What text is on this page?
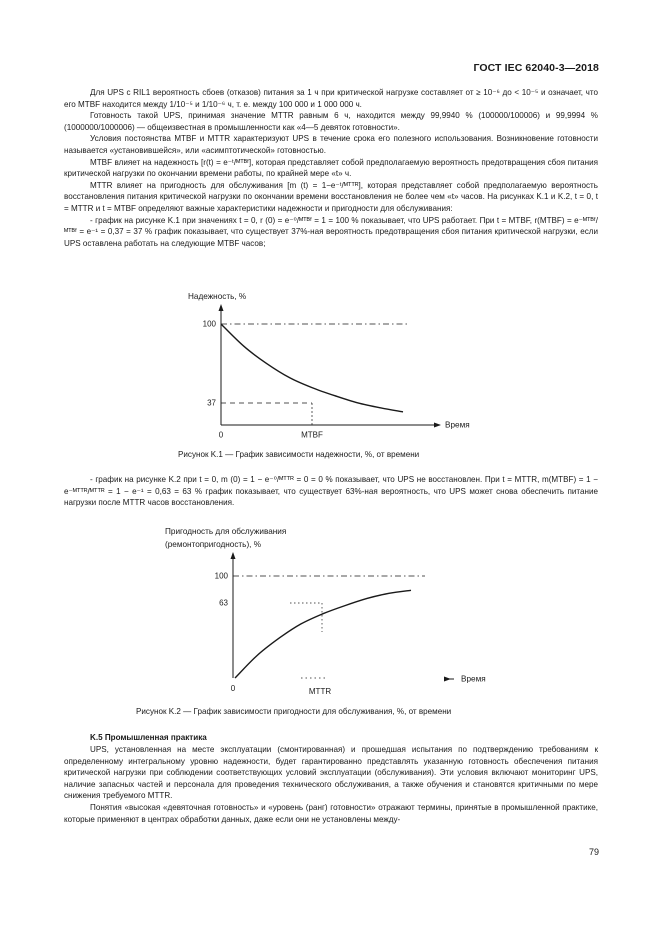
ГОСТ IEC 62040-3—2018

Для UPS с RIL1 вероятность сбоев (отказов) питания за 1 ч при критической нагрузке составляет от ≥ 10⁻⁶ до < 10⁻⁵ и означает, что его MTBF находится между 1/10⁻⁵ и 1/10⁻⁶ ч, т. е. между 100 000 и 1 000 000 ч.

Готовность такой UPS, принимая значение MTTR равным 6 ч, находится между 99,9940 % (100000/100006) и 99,9994 % (1000000/1000006) — общеизвестная в промышленности как «4—5 девяток готовности».

Условия постоянства MTBF и MTTR характеризуют UPS в течение срока его полезного использования. Возникновение готовности называется «установившейся», или «асимптотической» готовностью.

MTBF влияет на надежность [r(t) = e⁻ᵗ/ᴹᵀᴮᶠ], которая представляет собой предполагаемую вероятность предотвращения сбоя питания критической нагрузки по окончании времени работы, по крайней мере «t» ч.

MTTR влияет на пригодность для обслуживания [m (t) = 1−e⁻ᵗ/ᴹᵀᵀᴿ], которая представляет собой предполагаемую вероятность восстановления питания критической нагрузки по окончании времени восстановления не более чем «t» часов. На рисунках K.1 и K.2, t = 0, t = MTTR и t = MTBF определяют важные характеристики надежности и пригодности для обслуживания:

- график на рисунке K.1 при значениях t = 0, r (0) = e⁻⁰/ᴹᵀᴮᶠ = 1 = 100 % показывает, что UPS работает. При t = MTBF, r(MTBF) = e⁻ᴹᵀᴮᶠ/ᴹᵀᴮᶠ = e⁻¹ = 0,37 = 37 % график показывает, что существует 37%-ная вероятность предотвращения сбоя питания критической нагрузки, если UPS оставлена работать на следующие MTBF часов;

Надежность, %
Время
100
37
0	MTBF
Рисунок K.1 — График зависимости надежности, %, от времени

- график на рисунке K.2 при t = 0, m (0) = 1 − e⁻⁰/ᴹᵀᵀᴿ = 0 = 0 % показывает, что UPS не восстановлен. При t = MTTR, m(MTBF) = 1 − e⁻ᴹᵀᵀᴿ/ᴹᵀᵀᴿ = 1 − e⁻¹ = 0,63 = 63 % график показывает, что существует 63%-ная вероятность, что UPS может снова обеспечить питание нагрузки после MTTR часов восстановления.

Пригодность для обслуживания
(ремонтопригодность), %
100
63
0	MTTR
Время
Рисунок K.2 — График зависимости пригодности для обслуживания, %, от времени
K.5 Промышленная практика

UPS, установленная на месте эксплуатации (смонтированная) и прошедшая испытания по подтверждению требованиям к определенному интегральному уровню надежности, будет гарантированно представлять указанную готовность обеспечения питания критической нагрузки при соблюдении соответствующих условий эксплуатации (обслуживания). Эти условия включают мониторинг UPS, наличие запасных частей и персонала для проведения технического обслуживания, а также обучения и становятся критичными по мере снижения требуемого MTTR.

Понятия «высокая «девяточная готовность» и «уровень (ранг) готовности» отражают термины, принятые в промышленной практике, которые применяют в центрах обработки данных, даже если они не установлены между-

79
